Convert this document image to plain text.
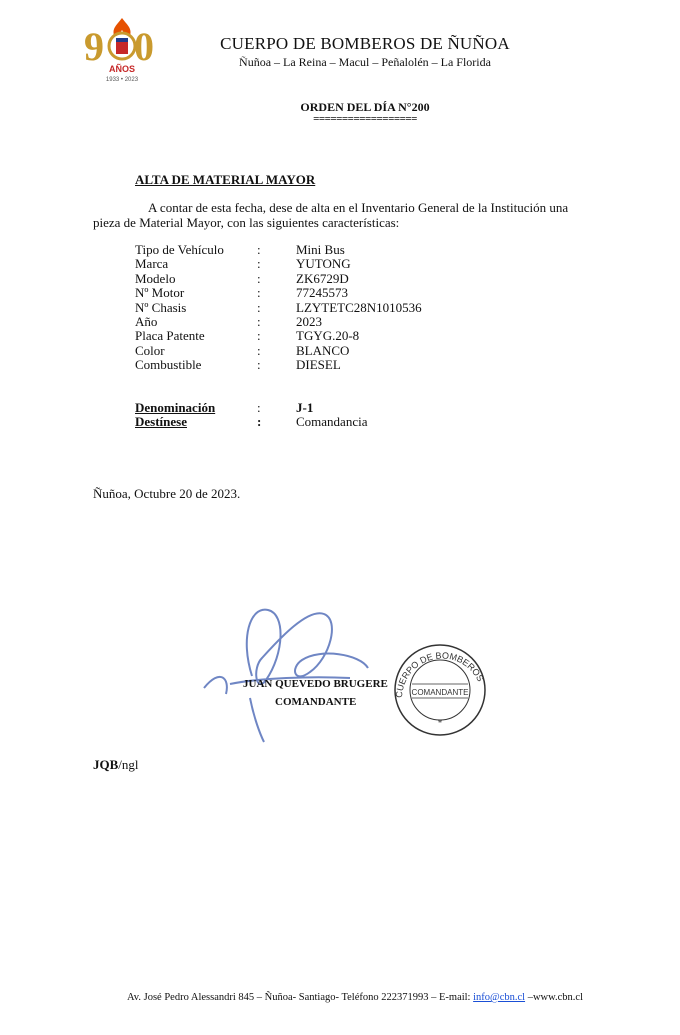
9 0
AÑOS
1933 • 2023
CUERPO DE BOMBEROS DE ÑUÑOA
Ñuñoa – La Reina – Macul – Peñalolén – La Florida
ORDEN DEL DÍA N°200
==================
ALTA DE MATERIAL MAYOR
A contar de esta fecha, dese de alta en el Inventario General de la Institución una pieza de Material Mayor, con las siguientes características:
Tipo de Vehículo	:	Mini Bus
Marca	:	YUTONG
Modelo	:	ZK6729D
Nº Motor	:	77245573
Nº Chasis	:	LZYTETC28N1010536
Año	:	2023
Placa Patente	:	TGYG.20-8
Color	:	BLANCO
Combustible	:	DIESEL
Denominación	:	J-1
Destínese	:	Comandancia
Ñuñoa, Octubre 20 de 2023.
CUERPO DE BOMBEROS
COMANDANTE
*
JUAN QUEVEDO BRUGERE
COMANDANTE
JQB/ngl
Av. José Pedro Alessandri 845 – Ñuñoa- Santiago- Teléfono 222371993 – E-mail: info@cbn.cl –www.cbn.cl
